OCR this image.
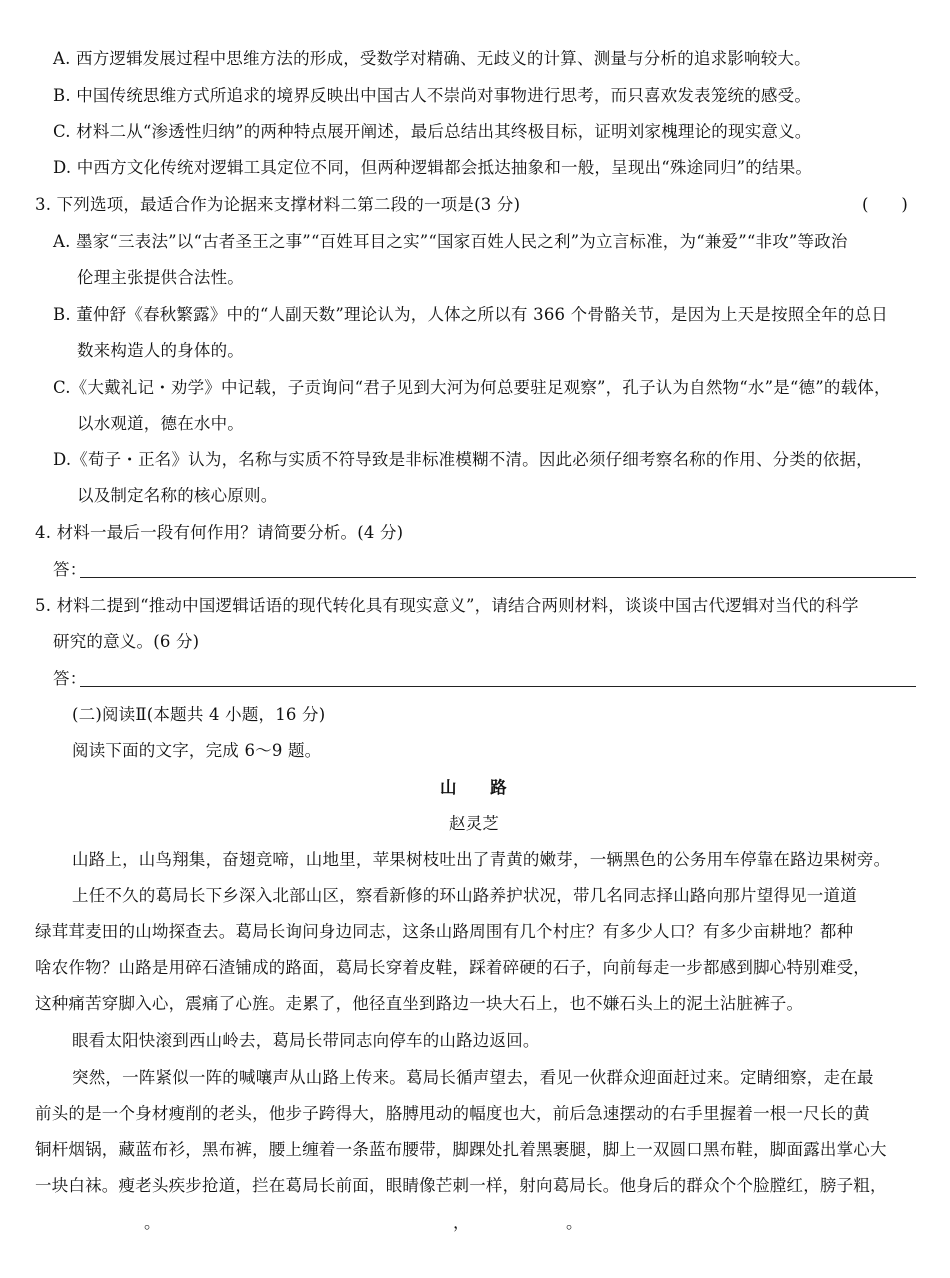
A. 西方逻辑发展过程中思维方法的形成，受数学对精确、无歧义的计算、测量与分析的追求影响较大。
B. 中国传统思维方式所追求的境界反映出中国古人不崇尚对事物进行思考，而只喜欢发表笼统的感受。
C. 材料二从“渗透性归纳”的两种特点展开阐述，最后总结出其终极目标，证明刘家槐理论的现实意义。
D. 中西方文化传统对逻辑工具定位不同，但两种逻辑都会抵达抽象和一般，呈现出“殊途同归”的结果。
3. 下列选项，最适合作为论据来支撑材料二第二段的一项是(3 分)	(　　)
A. 墨家“三表法”以“古者圣王之事”“百姓耳目之实”“国家百姓人民之利”为立言标准，为“兼爱”“非攻”等政治
伦理主张提供合法性。
B. 董仲舒《春秋繁露》中的“人副天数”理论认为，人体之所以有 366 个骨骼关节，是因为上天是按照全年的总日
数来构造人的身体的。
C.《大戴礼记・劝学》中记载，子贡询问“君子见到大河为何总要驻足观察”，孔子认为自然物“水”是“德”的载体，
以水观道，德在水中。
D.《荀子・正名》认为，名称与实质不符导致是非标准模糊不清。因此必须仔细考察名称的作用、分类的依据，
以及制定名称的核心原则。
4. 材料一最后一段有何作用？请简要分析。(4 分)
答：
5. 材料二提到“推动中国逻辑话语的现代转化具有现实意义”，请结合两则材料，谈谈中国古代逻辑对当代的科学
研究的意义。(6 分)
答：
(二)阅读Ⅱ(本题共 4 小题，16 分)
阅读下面的文字，完成 6～9 题。
山　　路
赵灵芝
山路上，山鸟翔集，奋翅竞啼，山地里，苹果树枝吐出了青黄的嫩芽，一辆黑色的公务用车停靠在路边果树旁。
上任不久的葛局长下乡深入北部山区，察看新修的环山路养护状况，带几名同志择山路向那片望得见一道道
绿茸茸麦田的山坳探查去。葛局长询问身边同志，这条山路周围有几个村庄？有多少人口？有多少亩耕地？都种
啥农作物？山路是用碎石渣铺成的路面，葛局长穿着皮鞋，踩着碎硬的石子，向前每走一步都感到脚心特别难受，
这种痛苦穿脚入心，震痛了心旌。走累了，他径直坐到路边一块大石上，也不嫌石头上的泥土沾脏裤子。
眼看太阳快滚到西山岭去，葛局长带同志向停车的山路边返回。
突然，一阵紧似一阵的喊嚷声从山路上传来。葛局长循声望去，看见一伙群众迎面赶过来。定睛细察，走在最
前头的是一个身材瘦削的老头，他步子跨得大，胳膊甩动的幅度也大，前后急速摆动的右手里握着一根一尺长的黄
铜杆烟锅，藏蓝布衫，黑布裤，腰上缠着一条蓝布腰带，脚踝处扎着黑裹腿，脚上一双圆口黑布鞋，脚面露出掌心大
一块白袜。瘦老头疾步抢道，拦在葛局长前面，眼睛像芒刺一样，射向葛局长。他身后的群众个个脸膛红，膀子粗，
。	，	。
